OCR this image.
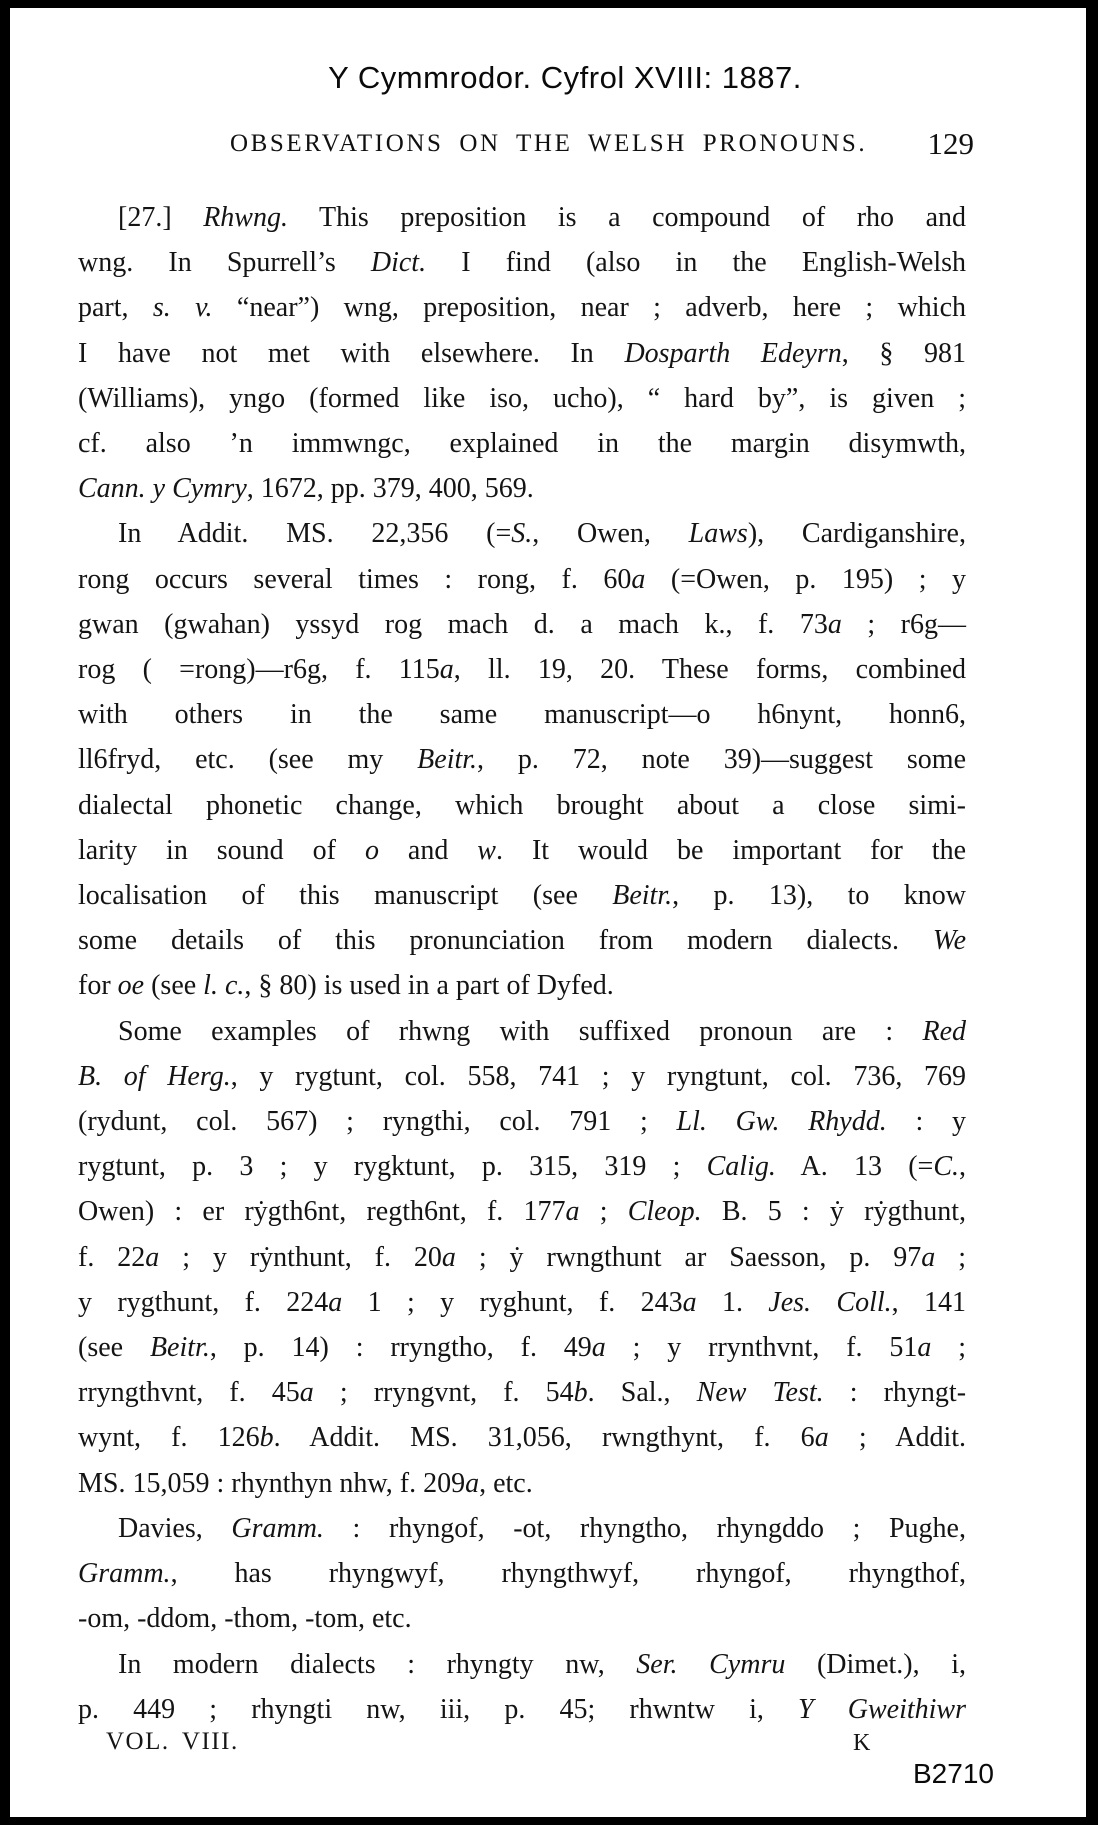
Y Cymmrodor. Cyfrol XVIII: 1887.
OBSERVATIONS ON THE WELSH PRONOUNS. 129
[27.] Rhwng. This preposition is a compound of rho and
wng. In Spurrell’s Dict. I find (also in the English-Welsh
part, s. v. “near”) wng, preposition, near ; adverb, here ; which
I have not met with elsewhere. In Dosparth Edeyrn, § 981
(Williams), yngo (formed like iso, ucho), “ hard by”, is given ;
cf. also ’n immwngc, explained in the margin disymwth,
Cann. y Cymry, 1672, pp. 379, 400, 569.
In Addit. MS. 22,356 (=S., Owen, Laws), Cardiganshire,
rong occurs several times : rong, f. 60a (=Owen, p. 195) ; y
gwan (gwahan) yssyd rog mach d. a mach k., f. 73a ; r6g—
rog ( =rong)—r6g, f. 115a, ll. 19, 20. These forms, combined
with others in the same manuscript—o h6nynt, honn6,
ll6fryd, etc. (see my Beitr., p. 72, note 39)—suggest some
dialectal phonetic change, which brought about a close simi-
larity in sound of o and w. It would be important for the
localisation of this manuscript (see Beitr., p. 13), to know
some details of this pronunciation from modern dialects. We
for oe (see l. c., § 80) is used in a part of Dyfed.
Some examples of rhwng with suffixed pronoun are : Red
B. of Herg., y rygtunt, col. 558, 741 ; y ryngtunt, col. 736, 769
(rydunt, col. 567) ; ryngthi, col. 791 ; Ll. Gw. Rhydd. : y
rygtunt, p. 3 ; y rygktunt, p. 315, 319 ; Calig. A. 13 (=C.,
Owen) : er rẏgth6nt, regth6nt, f. 177a ; Cleop. B. 5 : ẏ rẏgthunt,
f. 22a ; y rẏnthunt, f. 20a ; ẏ rwngthunt ar Saesson, p. 97a ;
y rygthunt, f. 224a 1 ; y ryghunt, f. 243a 1. Jes. Coll., 141
(see Beitr., p. 14) : rryngtho, f. 49a ; y rrynthvnt, f. 51a ;
rryngthvnt, f. 45a ; rryngvnt, f. 54b. Sal., New Test. : rhyngt-
wynt, f. 126b. Addit. MS. 31,056, rwngthynt, f. 6a ; Addit.
MS. 15,059 : rhynthyn nhw, f. 209a, etc.
Davies, Gramm. : rhyngof, -ot, rhyngtho, rhyngddo ; Pughe,
Gramm., has rhyngwyf, rhyngthwyf, rhyngof, rhyngthof,
-om, -ddom, -thom, -tom, etc.
In modern dialects : rhyngty nw, Ser. Cymru (Dimet.), i,
p. 449 ; rhyngti nw, iii, p. 45; rhwntw i, Y Gweithiwr
VOL. VIII.	K
B2710
